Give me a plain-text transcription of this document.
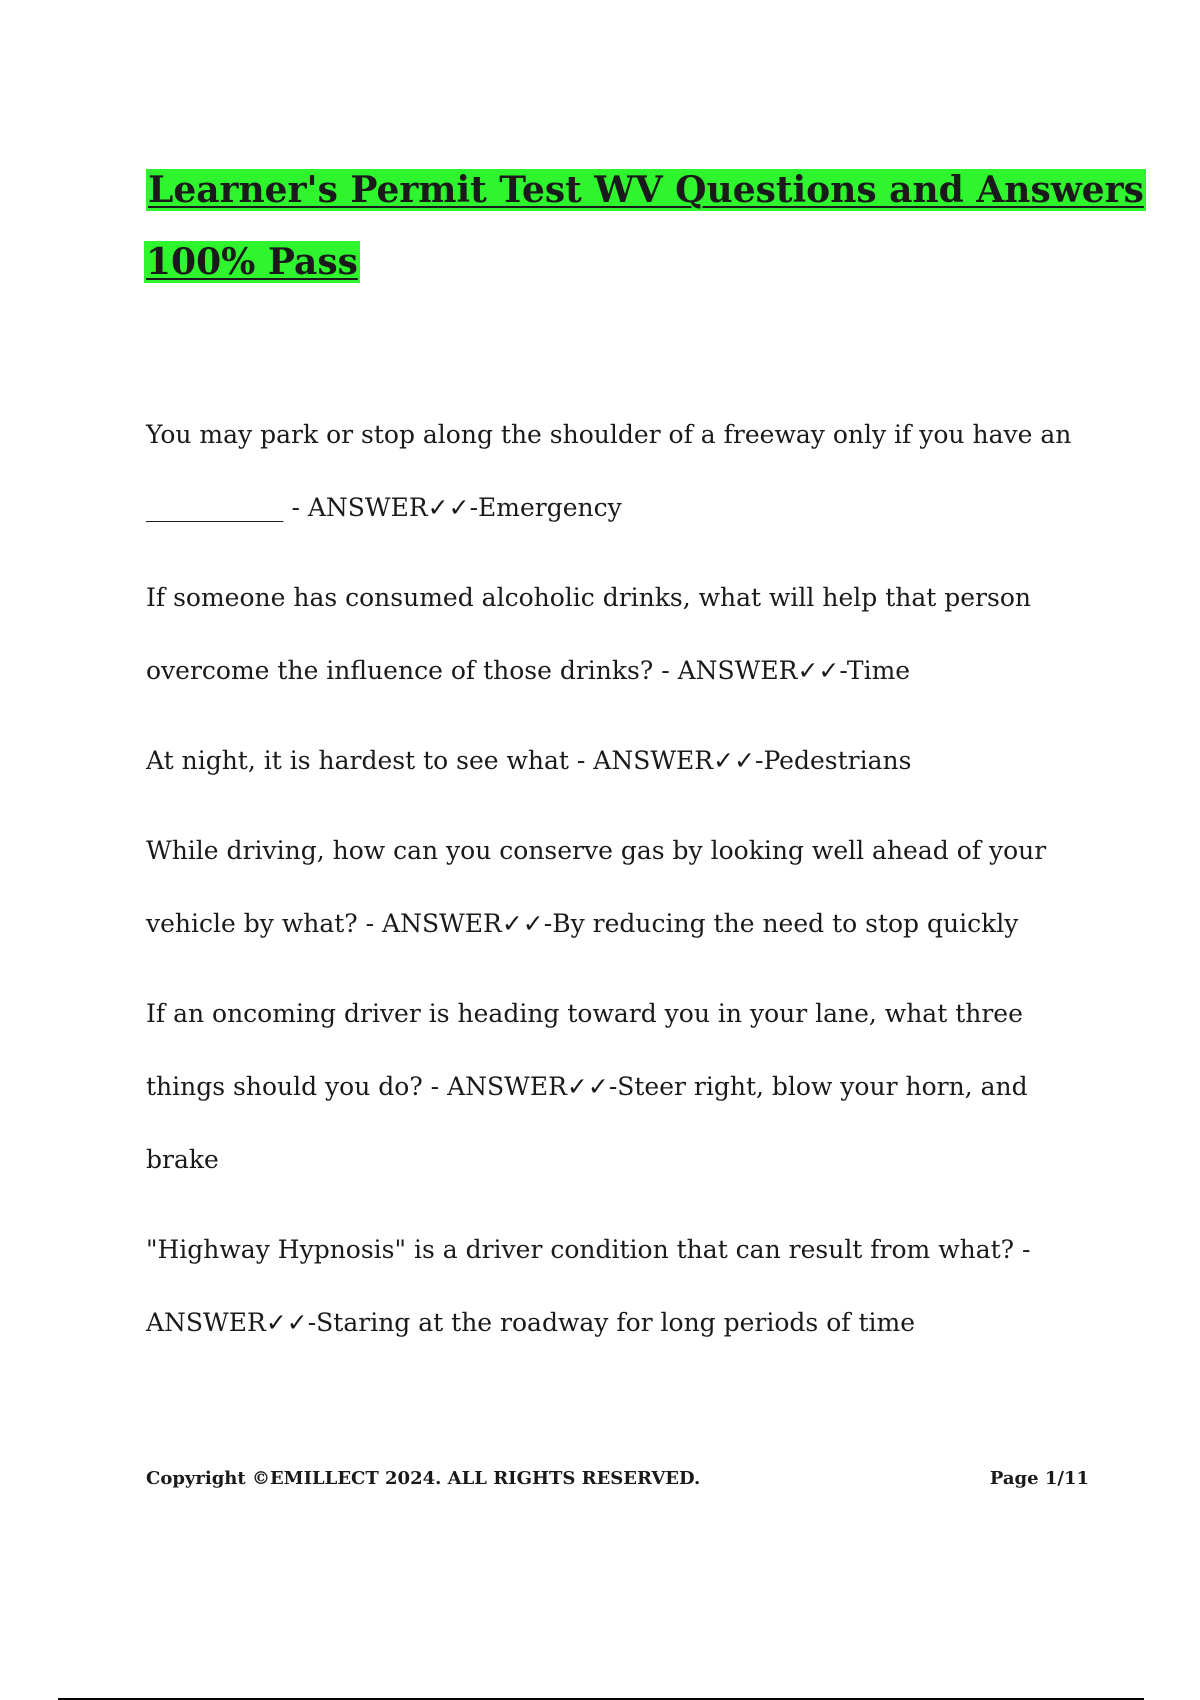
Learner's Permit Test WV Questions and Answers
100% Pass

You may park or stop along the shoulder of a freeway only if you have an ___________ - ANSWER✓✓-Emergency

If someone has consumed alcoholic drinks, what will help that person overcome the influence of those drinks? - ANSWER✓✓-Time

At night, it is hardest to see what - ANSWER✓✓-Pedestrians

While driving, how can you conserve gas by looking well ahead of your vehicle by what? - ANSWER✓✓-By reducing the need to stop quickly

If an oncoming driver is heading toward you in your lane, what three things should you do? - ANSWER✓✓-Steer right, blow your horn, and brake

"Highway Hypnosis" is a driver condition that can result from what? - ANSWER✓✓-Staring at the roadway for long periods of time

Copyright ©EMILLECT 2024. ALL RIGHTS RESERVED.	Page 1/11
